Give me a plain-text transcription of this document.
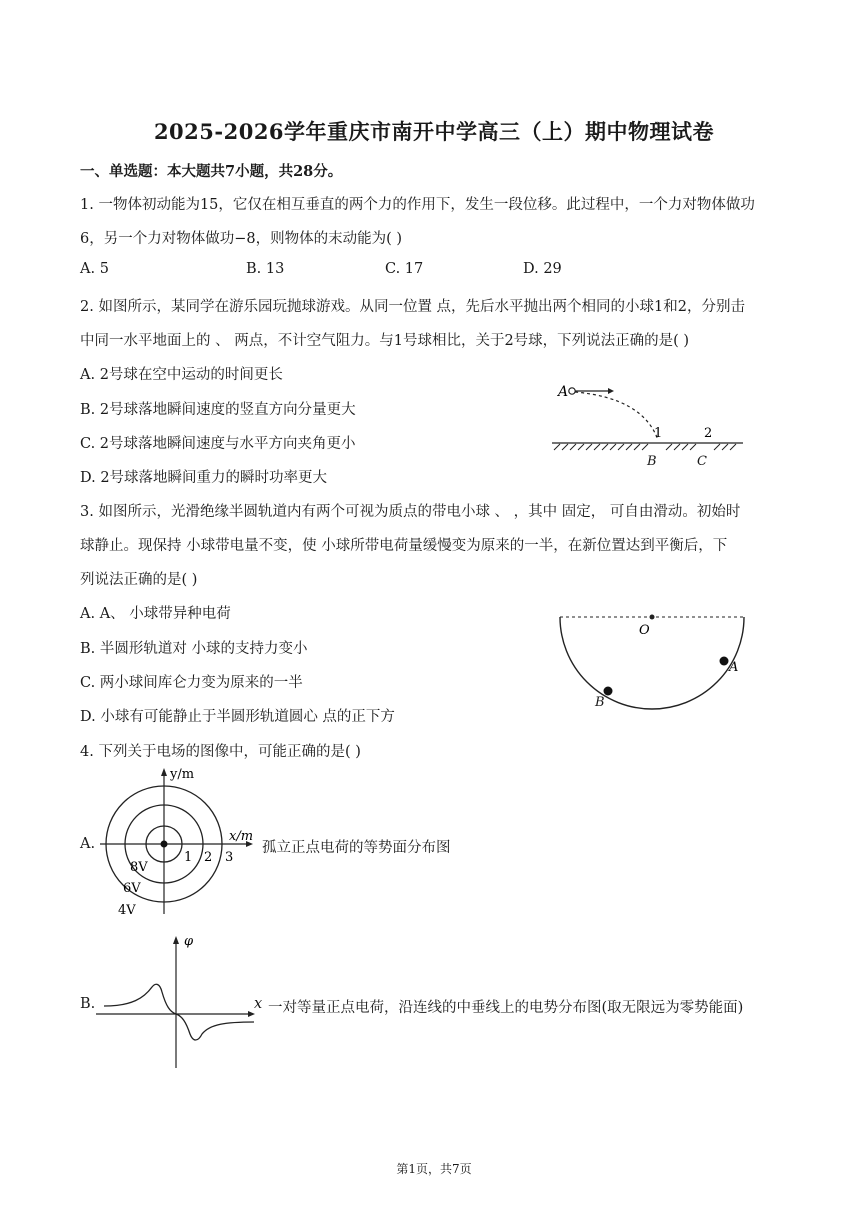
2025-2026学年重庆市南开中学高三（上）期中物理试卷
一、单选题：本大题共7小题，共28分。
1. 一物体初动能为15，它仅在相互垂直的两个力的作用下，发生一段位移。此过程中，一个力对物体做功
6，另一个力对物体做功−8，则物体的末动能为( )
A. 5	B. 13	C. 17	D. 29
2. 如图所示，某同学在游乐园玩抛球游戏。从同一位置 点，先后水平抛出两个相同的小球1和2，分别击
中同一水平地面上的 、 两点，不计空气阻力。与1号球相比，关于2号球，下列说法正确的是( )
A. 2号球在空中运动的时间更长
B. 2号球落地瞬间速度的竖直方向分量更大
C. 2号球落地瞬间速度与水平方向夹角更小
D. 2号球落地瞬间重力的瞬时功率更大
A
1	2
B	C
3. 如图所示，光滑绝缘半圆轨道内有两个可视为质点的带电小球 、 ，其中 固定， 可自由滑动。初始时
球静止。现保持 小球带电量不变，使 小球所带电荷量缓慢变为原来的一半，在新位置达到平衡后，下
列说法正确的是( )
A. A、 小球带异种电荷
B. 半圆形轨道对 小球的支持力变小
C. 两小球间库仑力变为原来的一半
D. 小球有可能静止于半圆形轨道圆心 点的正下方
O
A
B
4. 下列关于电场的图像中，可能正确的是( )
A.
y/m
x/m
1 2 3
8V
6V
4V
孤立正点电荷的等势面分布图
B.
φ
x 一对等量正点电荷，沿连线的中垂线上的电势分布图(取无限远为零势能面)
第1页，共7页
